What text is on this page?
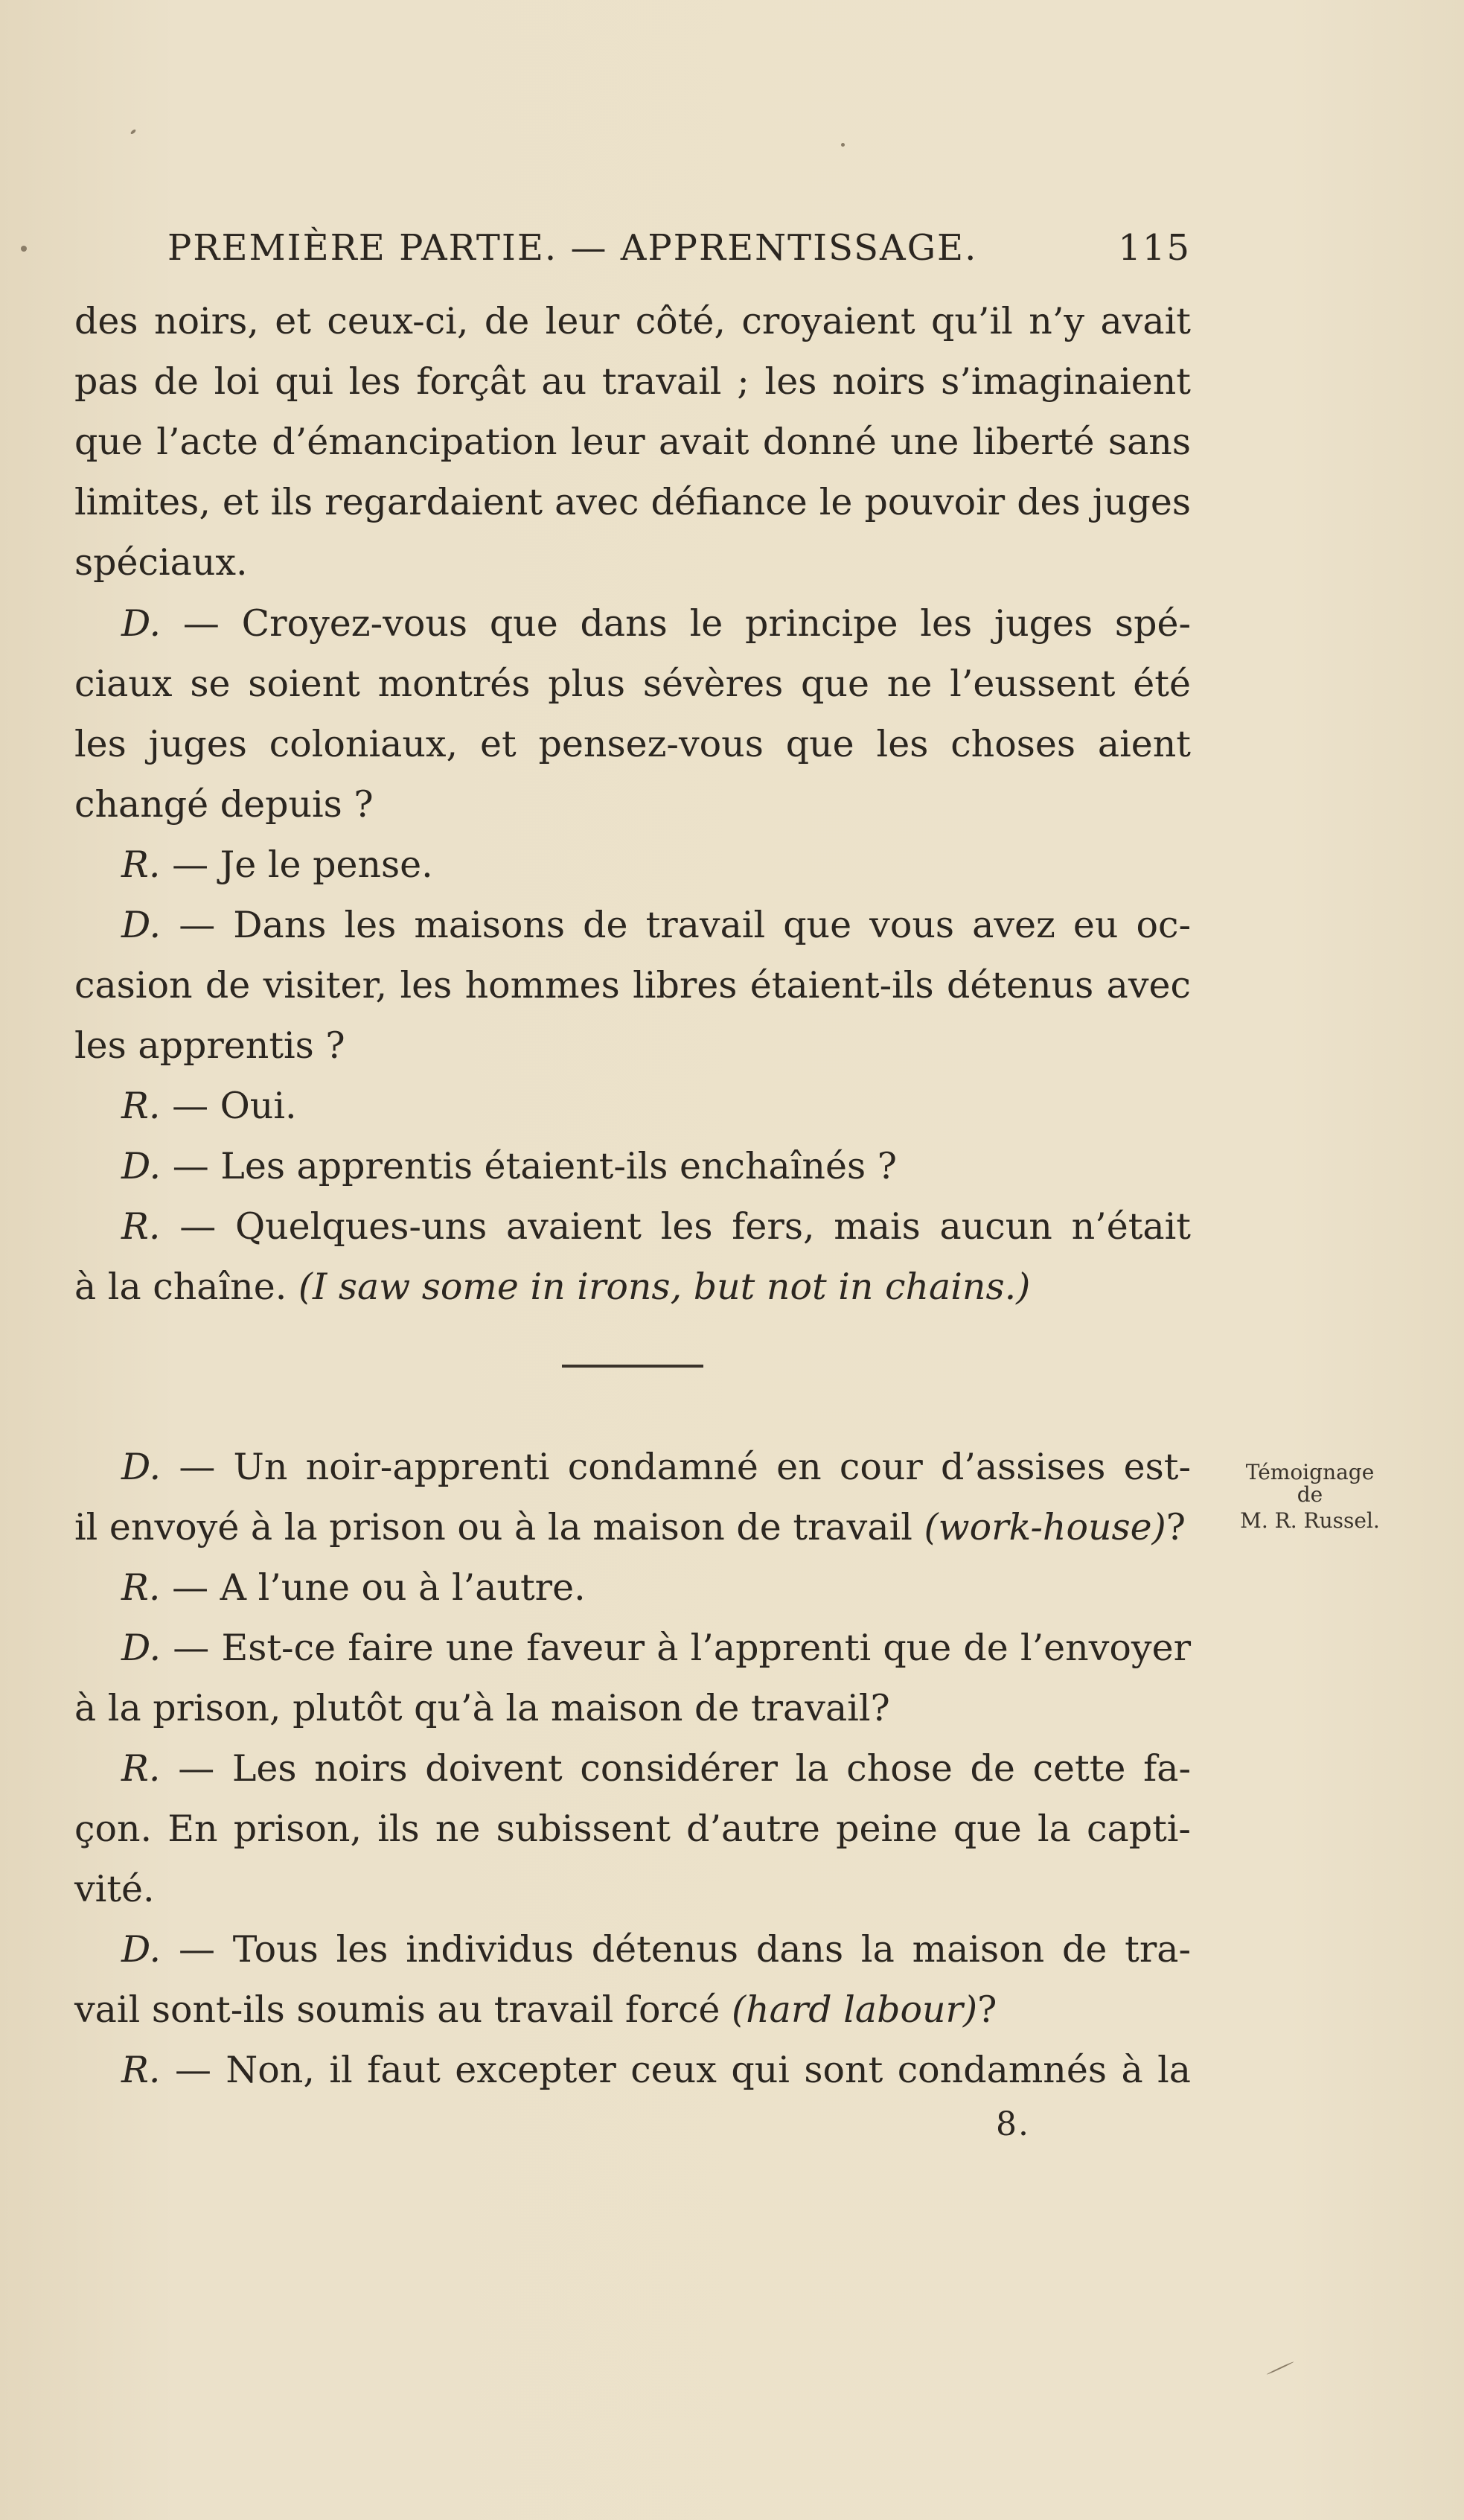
PREMIÈRE PARTIE. — APPRENTISSAGE.	115
des noirs, et ceux-ci, de leur côté, croyaient qu’il n’y avait
pas de loi qui les forçât au travail ; les noirs s’imaginaient
que l’acte d’émancipation leur avait donné une liberté sans
limites, et ils regardaient avec défiance le pouvoir des juges
spéciaux.
D. — Croyez-vous que dans le principe les juges spé-
ciaux se soient montrés plus sévères que ne l’eussent été
les juges coloniaux, et pensez-vous que les choses aient
changé depuis ?
R. — Je le pense.
D. — Dans les maisons de travail que vous avez eu oc-
casion de visiter, les hommes libres étaient-ils détenus avec
les apprentis ?
R. — Oui.
D. — Les apprentis étaient-ils enchaînés ?
R. — Quelques-uns avaient les fers, mais aucun n’était
à la chaîne. (I saw some in irons, but not in chains.)
D. — Un noir-apprenti condamné en cour d’assises est-
il envoyé à la prison ou à la maison de travail (work-house)?
R. — A l’une ou à l’autre.
D. — Est-ce faire une faveur à l’apprenti que de l’envoyer
à la prison, plutôt qu’à la maison de travail?
R. — Les noirs doivent considérer la chose de cette fa-
çon. En prison, ils ne subissent d’autre peine que la capti-
vité.
D. — Tous les individus détenus dans la maison de tra-
vail sont-ils soumis au travail forcé (hard labour)?
R. — Non, il faut excepter ceux qui sont condamnés à la
Témoignage
de
M. R. Russel.
8.
